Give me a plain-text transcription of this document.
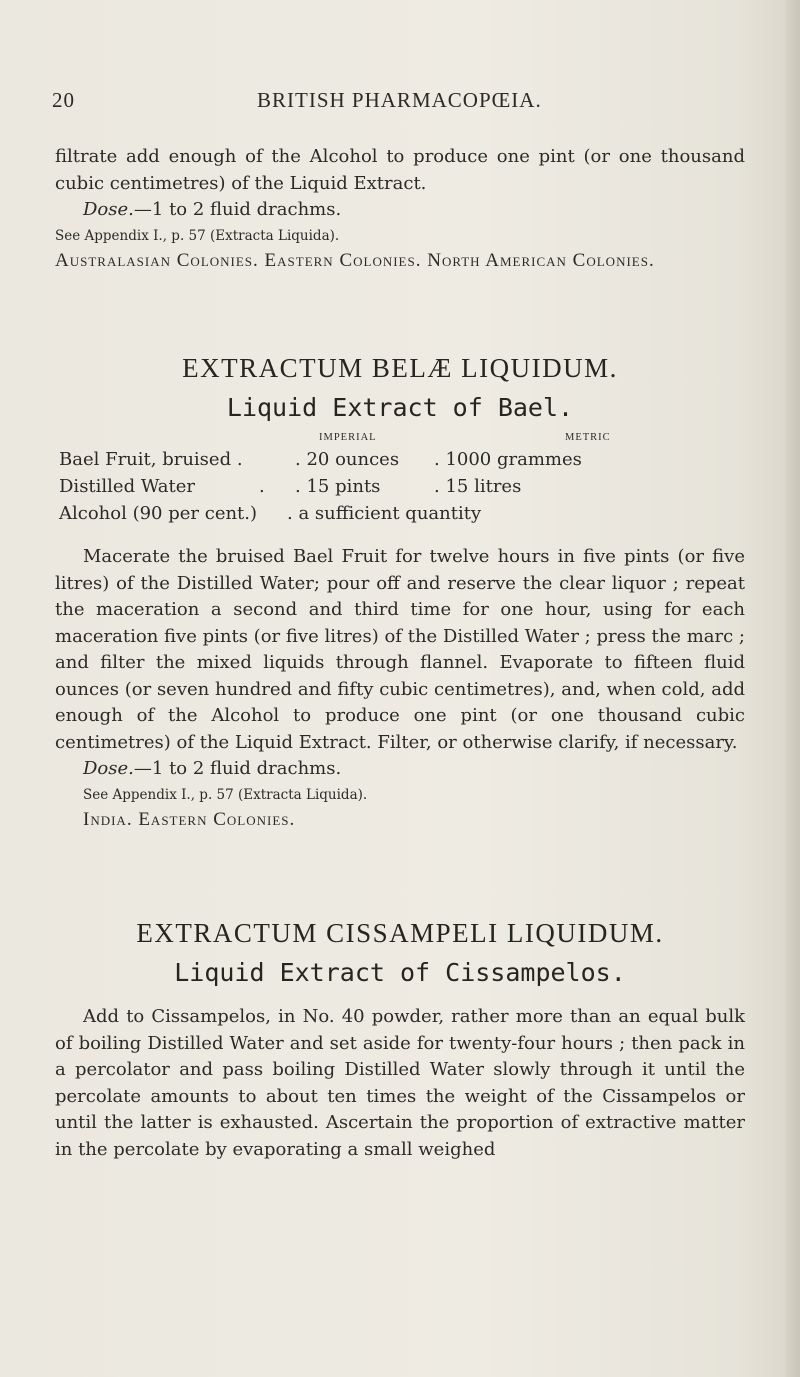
20	BRITISH PHARMACOPŒIA.

filtrate add enough of the Alcohol to produce one pint (or one thousand cubic centimetres) of the Liquid Extract.

Dose.—1 to 2 fluid drachms.

See Appendix I., p. 57 (Extracta Liquida).

Australasian Colonies. Eastern Colonies. North American Colonies.

EXTRACTUM BELÆ LIQUIDUM.
Liquid Extract of Bael.
IMPERIAL	METRIC
Bael Fruit, bruised .	. 20 ounces . 1000 grammes
Distilled Water	. . 15 pints	. 15 litres
Alcohol (90 per cent.) . a sufficient quantity

Macerate the bruised Bael Fruit for twelve hours in five pints (or five litres) of the Distilled Water; pour off and reserve the clear liquor ; repeat the maceration a second and third time for one hour, using for each maceration five pints (or five litres) of the Distilled Water ; press the marc ; and filter the mixed liquids through flannel. Evaporate to fifteen fluid ounces (or seven hundred and fifty cubic centimetres), and, when cold, add enough of the Alcohol to produce one pint (or one thousand cubic centimetres) of the Liquid Extract. Filter, or otherwise clarify, if necessary.

Dose.—1 to 2 fluid drachms.

See Appendix I., p. 57 (Extracta Liquida).

India. Eastern Colonies.

EXTRACTUM CISSAMPELI LIQUIDUM.
Liquid Extract of Cissampelos.

Add to Cissampelos, in No. 40 powder, rather more than an equal bulk of boiling Distilled Water and set aside for twenty-four hours ; then pack in a percolator and pass boiling Distilled Water slowly through it until the percolate amounts to about ten times the weight of the Cissampelos or until the latter is exhausted. Ascertain the proportion of extractive matter in the percolate by evaporating a small weighed
